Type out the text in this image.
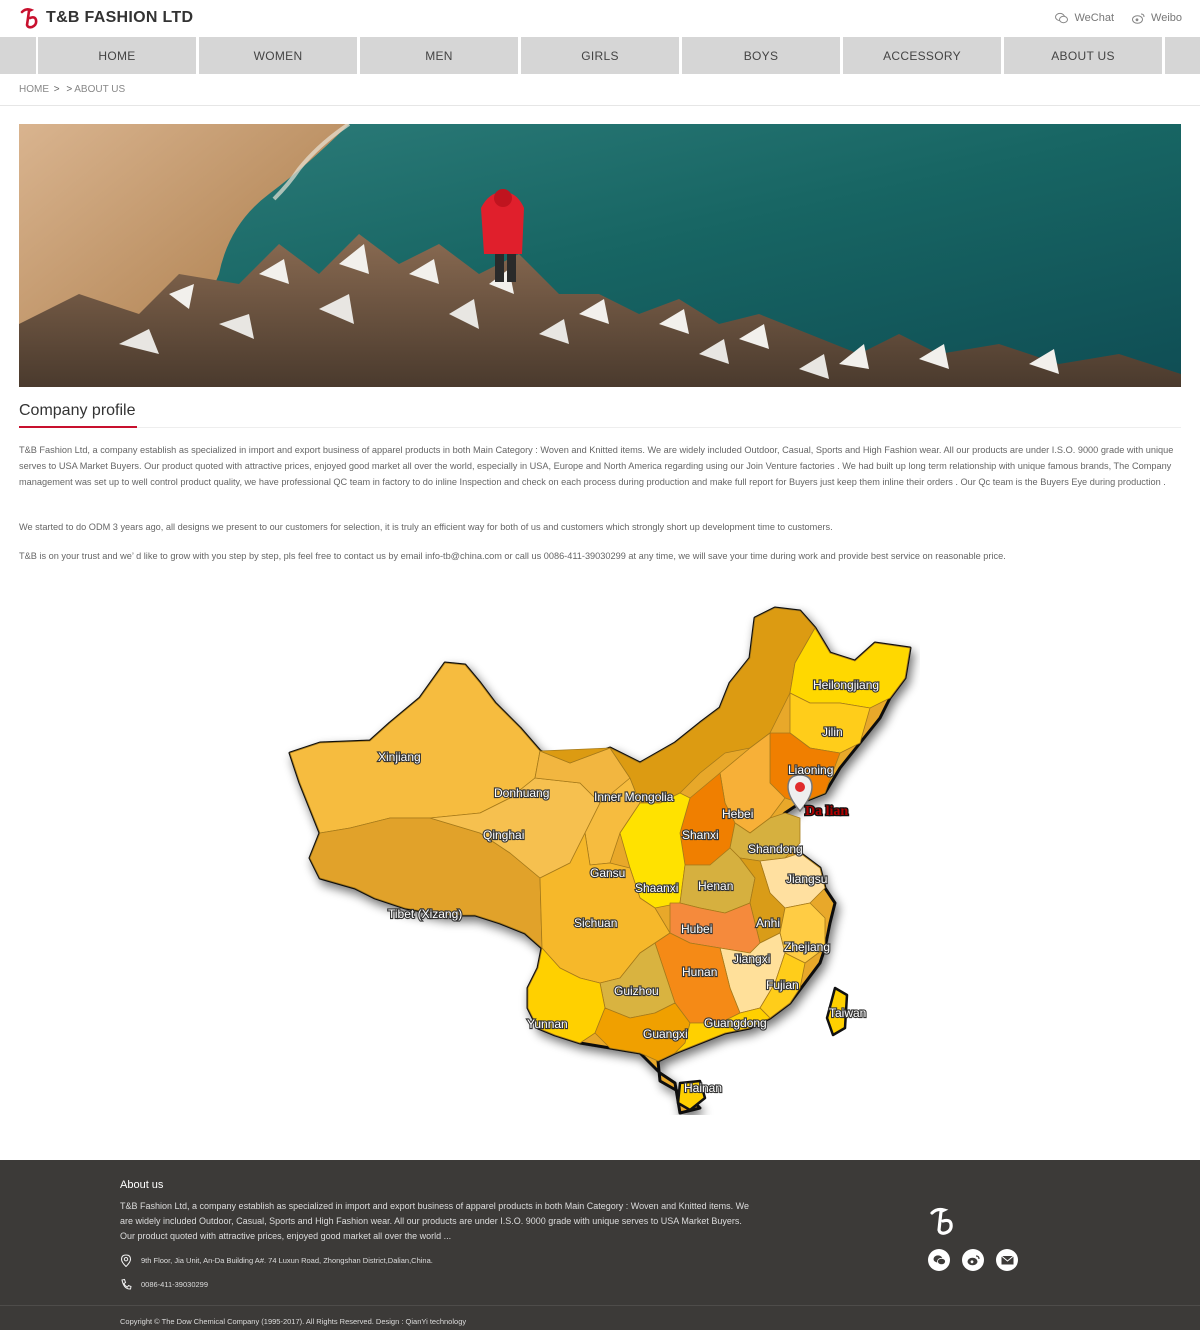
T&B FASHION LTD	WeChat	Weibo
HOME	WOMEN	MEN	GIRLS	BOYS	ACCESSORY	ABOUT US
HOME > > ABOUT US
Company profile

T&B Fashion Ltd, a company establish as specialized in import and export business of apparel products in both Main Category : Woven and Knitted items. We are widely included Outdoor, Casual, Sports and High Fashion wear. All our products are under I.S.O. 9000 grade with unique serves to USA Market Buyers. Our product quoted with attractive prices, enjoyed good market all over the world, especially in USA, Europe and North America regarding using our Join Venture factories . We had built up long term relationship with unique famous brands, The Company management was set up to well control product quality, we have professional QC team in factory to do inline Inspection and check on each process during production and make full report for Buyers just keep them inline their orders . Our Qc team is the Buyers Eye during production .

We started to do ODM 3 years ago, all designs we present to our customers for selection, it is truly an efficient way for both of us and customers which strongly short up development time to customers.

T&B is on your trust and we’ d like to grow with you step by step, pls feel free to contact us by email info-tb@china.com or call us 0086-411-39030299 at any time, we will save your time during work and provide best service on reasonable price.

Heilongjiang
Jilin
Liaoning
Xinjiang
Donhuang	Inner Mongolia
Hebei
Qinghai	Shanxi
Shandong
Gansu
Shaanxi Henan	Jiangsu
Tibet (Xizang)
Sichuan	Anhi
Hubei
Zhejiang
Jiangxi
Hunan
Fujian
Guizhou
Taiwan
Yunnan
Guangxi
Guangdong
Hainan
Da lian
About us
T&B Fashion Ltd, a company establish as specialized in import and export business of apparel products in both Main Category : Woven and Knitted items. We are widely included Outdoor, Casual, Sports and High Fashion wear. All our products are under I.S.O. 9000 grade with unique serves to USA Market Buyers. Our product quoted with attractive prices, enjoyed good market all over the world ...
9th Floor, Jia Unit, An-Da Building A#. 74 Luxun Road, Zhongshan District,Dalian,China.
0086-411-39030299
Copyright © The Dow Chemical Company (1995-2017). All Rights Reserved. Design : QianYi technology
